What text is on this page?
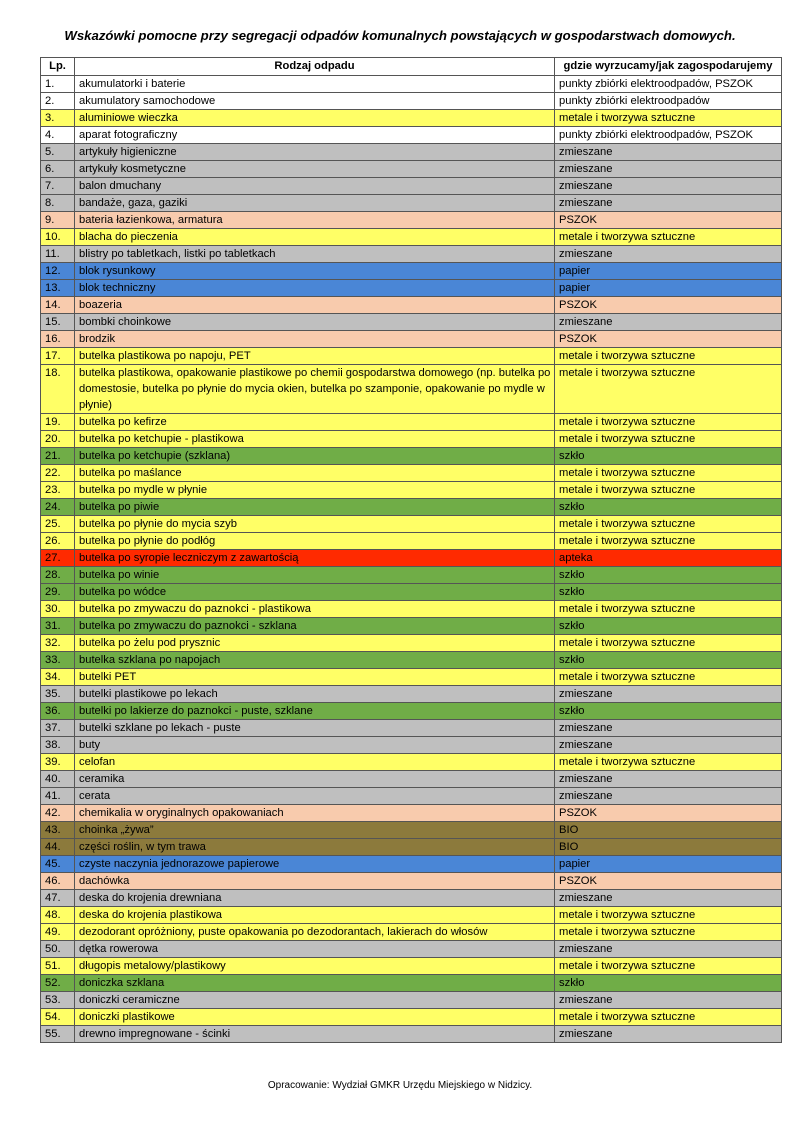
Wskazówki pomocne przy segregacji odpadów komunalnych powstających w gospodarstwach domowych.
Lp.	Rodzaj odpadu	gdzie wyrzucamy/jak zagospodarujemy
1.	akumulatorki i baterie	punkty zbiórki elektroodpadów, PSZOK
2.	akumulatory samochodowe	punkty zbiórki elektroodpadów
3.	aluminiowe wieczka	metale i tworzywa sztuczne
4.	aparat fotograficzny	punkty zbiórki elektroodpadów, PSZOK
5.	artykuły higieniczne	zmieszane
6.	artykuły kosmetyczne	zmieszane
7.	balon dmuchany	zmieszane
8.	bandaże, gaza, gaziki	zmieszane
9.	bateria łazienkowa, armatura	PSZOK
10.	blacha do pieczenia	metale i tworzywa sztuczne
11.	blistry po tabletkach, listki po tabletkach	zmieszane
12.	blok rysunkowy	papier
13.	blok techniczny	papier
14.	boazeria	PSZOK
15.	bombki choinkowe	zmieszane
16.	brodzik	PSZOK
17.	butelka plastikowa po napoju, PET	metale i tworzywa sztuczne
18.	butelka plastikowa, opakowanie plastikowe po chemii gospodarstwa domowego (np. butelka po domestosie, butelka po płynie do mycia okien, butelka po szamponie, opakowanie po mydle w płynie)	metale i tworzywa sztuczne
19.	butelka po kefirze	metale i tworzywa sztuczne
20.	butelka po ketchupie - plastikowa	metale i tworzywa sztuczne
21.	butelka po ketchupie (szklana)	szkło
22.	butelka po maślance	metale i tworzywa sztuczne
23.	butelka po mydle w płynie	metale i tworzywa sztuczne
24.	butelka po piwie	szkło
25.	butelka po płynie do mycia szyb	metale i tworzywa sztuczne
26.	butelka po płynie do podłóg	metale i tworzywa sztuczne
27.	butelka po syropie leczniczym z zawartością	apteka
28.	butelka po winie	szkło
29.	butelka po wódce	szkło
30.	butelka po zmywaczu do paznokci - plastikowa	metale i tworzywa sztuczne
31.	butelka po zmywaczu do paznokci - szklana	szkło
32.	butelka po żelu pod prysznic	metale i tworzywa sztuczne
33.	butelka szklana po napojach	szkło
34.	butelki PET	metale i tworzywa sztuczne
35.	butelki plastikowe po lekach	zmieszane
36.	butelki po lakierze do paznokci - puste, szklane	szkło
37.	butelki szklane po lekach - puste	zmieszane
38.	buty	zmieszane
39.	celofan	metale i tworzywa sztuczne
40.	ceramika	zmieszane
41.	cerata	zmieszane
42.	chemikalia w oryginalnych opakowaniach	PSZOK
43.	choinka „żywa”	BIO
44.	części roślin, w tym trawa	BIO
45.	czyste naczynia jednorazowe papierowe	papier
46.	dachówka	PSZOK
47.	deska do krojenia drewniana	zmieszane
48.	deska do krojenia plastikowa	metale i tworzywa sztuczne
49.	dezodorant opróżniony, puste opakowania po dezodorantach, lakierach do włosów	metale i tworzywa sztuczne
50.	dętka rowerowa	zmieszane
51.	długopis metalowy/plastikowy	metale i tworzywa sztuczne
52.	doniczka szklana	szkło
53.	doniczki ceramiczne	zmieszane
54.	doniczki plastikowe	metale i tworzywa sztuczne
55.	drewno impregnowane - ścinki	zmieszane
Opracowanie: Wydział GMKR Urzędu Miejskiego w Nidzicy.
